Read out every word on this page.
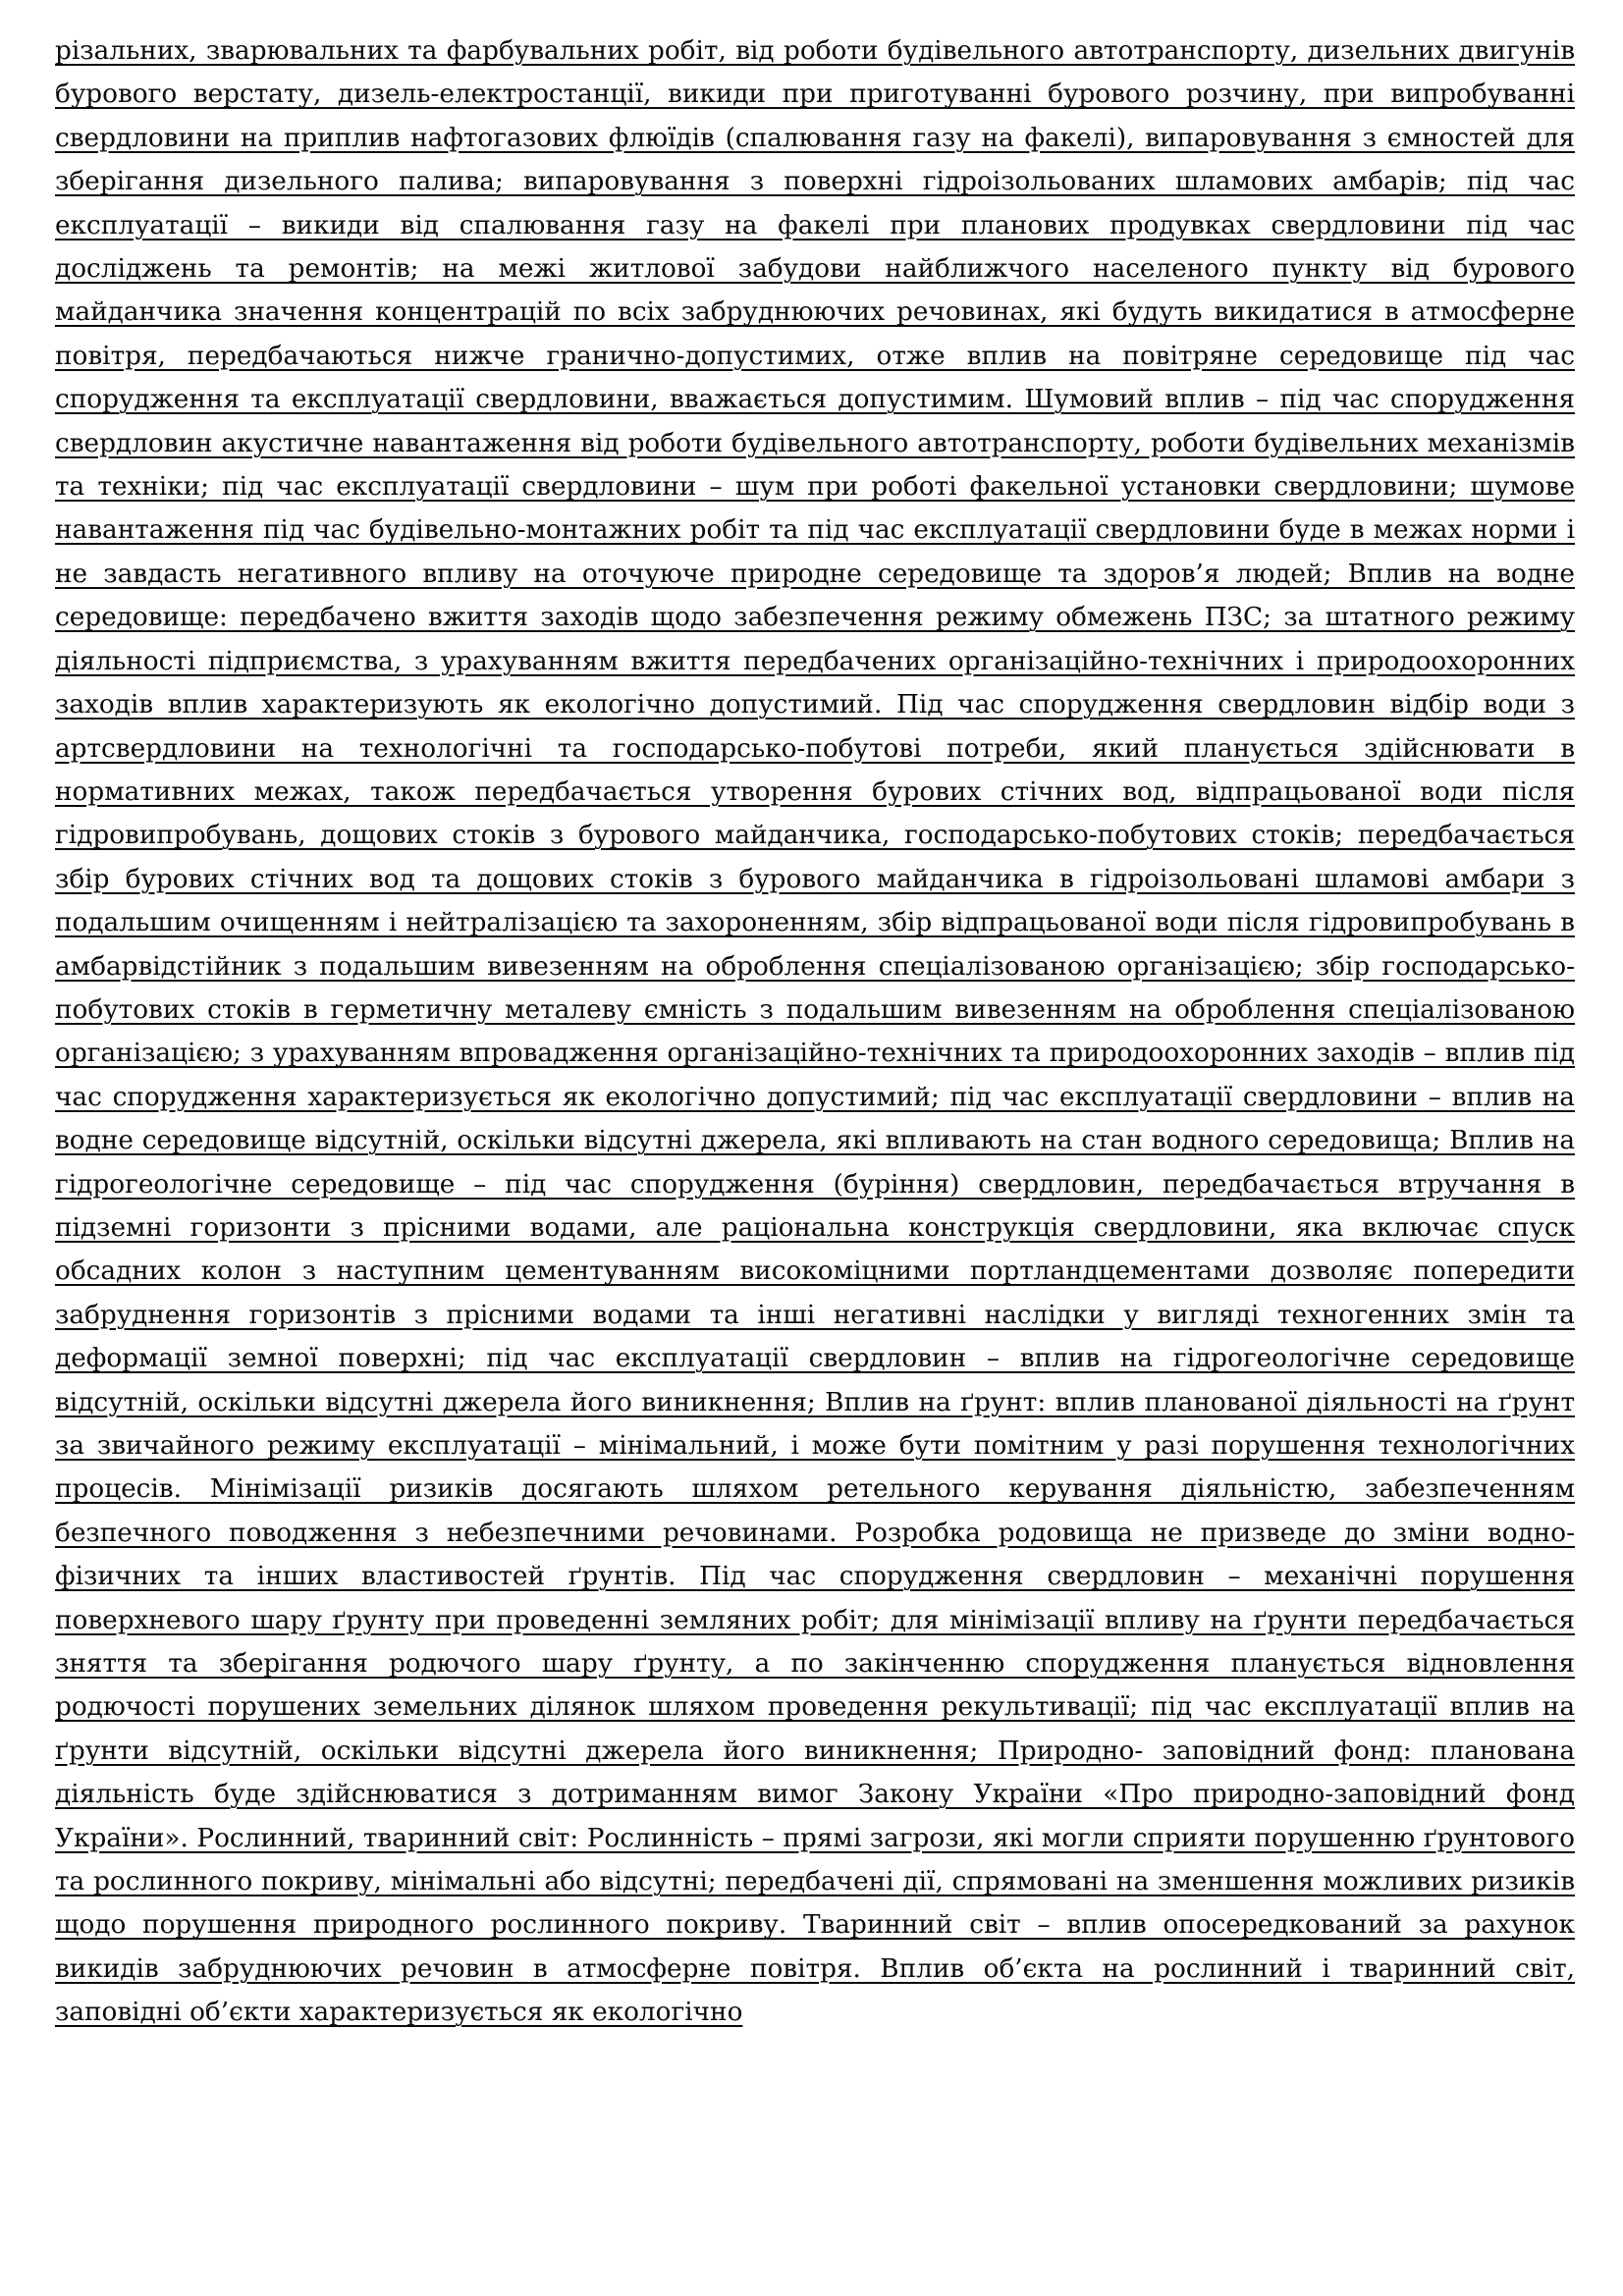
різальних, зварювальних та фарбувальних робіт, від роботи будівельного автотранспорту, дизельних двигунів бурового верстату, дизель-електростанції, викиди при приготуванні бурового розчину, при випробуванні свердловини на приплив нафтогазових флюїдів (спалювання газу на факелі), випаровування з ємностей для зберігання дизельного палива; випаровування з поверхні гідроізольованих шламових амбарів; під час експлуатації – викиди від спалювання газу на факелі при планових продувках свердловини під час досліджень та ремонтів; на межі житлової забудови найближчого населеного пункту від бурового майданчика значення концентрацій по всіх забруднюючих речовинах, які будуть викидатися в атмосферне повітря, передбачаються нижче гранично-допустимих, отже вплив на повітряне середовище під час спорудження та експлуатації свердловини, вважається допустимим. Шумовий вплив – під час спорудження свердловин акустичне навантаження від роботи будівельного автотранспорту, роботи будівельних механізмів та техніки; під час експлуатації свердловини – шум при роботі факельної установки свердловини; шумове навантаження під час будівельно-монтажних робіт та під час експлуатації свердловини буде в межах норми і не завдасть негативного впливу на оточуюче природне середовище та здоров’я людей; Вплив на водне середовище: передбачено вжиття заходів щодо забезпечення режиму обмежень ПЗС; за штатного режиму діяльності підприємства, з урахуванням вжиття передбачених організаційно-технічних і природоохоронних заходів вплив характеризують як екологічно допустимий. Під час спорудження свердловин відбір води з артсвердловини на технологічні та господарсько-побутові потреби, який планується здійснювати в нормативних межах, також передбачається утворення бурових стічних вод, відпрацьованої води після гідровипробувань, дощових стоків з бурового майданчика, господарсько-побутових стоків; передбачається збір бурових стічних вод та дощових стоків з бурового майданчика в гідроізольовані шламові амбари з подальшим очищенням і нейтралізацією та захороненням, збір відпрацьованої води після гідровипробувань в амбарвідстійник з подальшим вивезенням на оброблення спеціалізованою організацією; збір господарсько-побутових стоків в герметичну металеву ємність з подальшим вивезенням на оброблення спеціалізованою організацією; з урахуванням впровадження організаційно-технічних та природоохоронних заходів – вплив під час спорудження характеризується як екологічно допустимий; під час експлуатації свердловини – вплив на водне середовище відсутній, оскільки відсутні джерела, які впливають на стан водного середовища; Вплив на гідрогеологічне середовище – під час спорудження (буріння) свердловин, передбачається втручання в підземні горизонти з прісними водами, але раціональна конструкція свердловини, яка включає спуск обсадних колон з наступним цементуванням високоміцними портландцементами дозволяє попередити забруднення горизонтів з прісними водами та інші негативні наслідки у вигляді техногенних змін та деформації земної поверхні; під час експлуатації свердловин – вплив на гідрогеологічне середовище відсутній, оскільки відсутні джерела його виникнення; Вплив на ґрунт: вплив планованої діяльності на ґрунт за звичайного режиму експлуатації – мінімальний, і може бути помітним у разі порушення технологічних процесів. Мінімізації ризиків досягають шляхом ретельного керування діяльністю, забезпеченням безпечного поводження з небезпечними речовинами. Розробка родовища не призведе до зміни водно-фізичних та інших властивостей ґрунтів. Під час спорудження свердловин – механічні порушення поверхневого шару ґрунту при проведенні земляних робіт; для мінімізації впливу на ґрунти передбачається зняття та зберігання родючого шару ґрунту, а по закінченню спорудження планується відновлення родючості порушених земельних ділянок шляхом проведення рекультивації; під час експлуатації вплив на ґрунти відсутній, оскільки відсутні джерела його виникнення; Природно- заповідний фонд: планована діяльність буде здійснюватися з дотриманням вимог Закону України «Про природно-заповідний фонд України». Рослинний, тваринний світ: Рослинність – прямі загрози, які могли сприяти порушенню ґрунтового та рослинного покриву, мінімальні або відсутні; передбачені дії, спрямовані на зменшення можливих ризиків щодо порушення природного рослинного покриву. Тваринний світ – вплив опосередкований за рахунок викидів забруднюючих речовин в атмосферне повітря. Вплив об’єкта на рослинний і тваринний світ, заповідні об’єкти характеризується як екологічно
